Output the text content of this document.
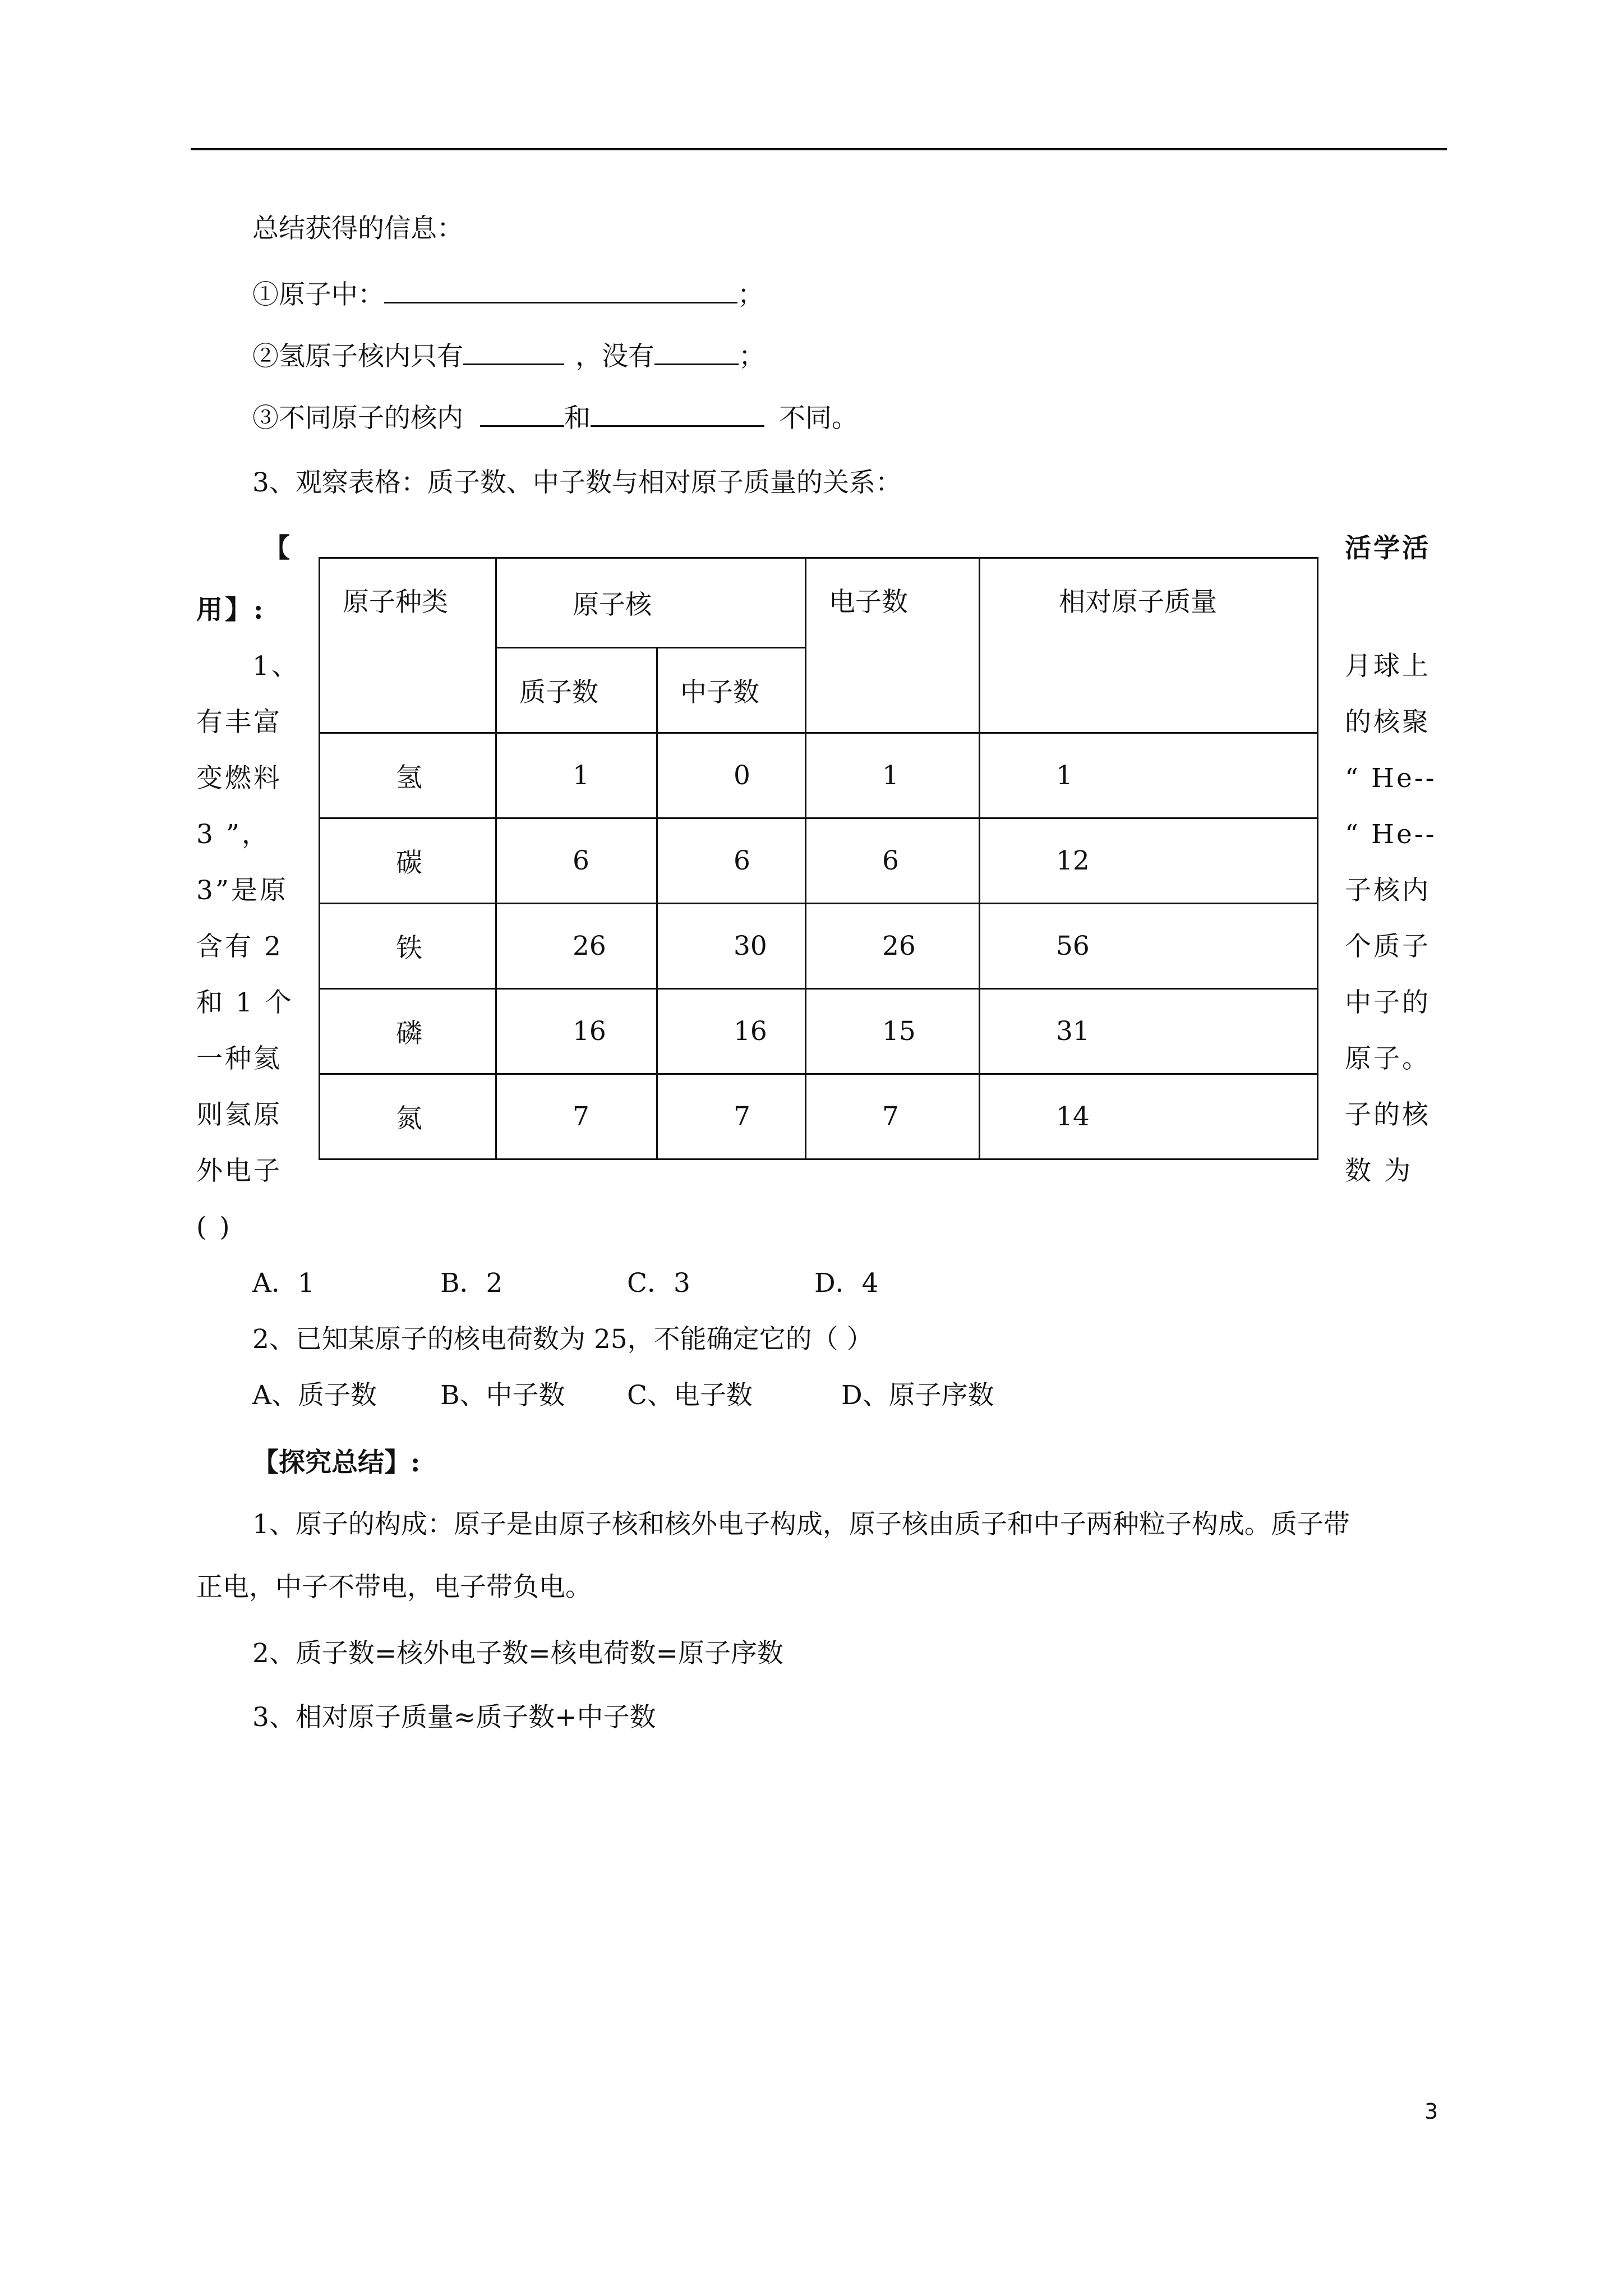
总结获得的信息：
①原子中：	；
②氢原子核内只有	，没有	；
③不同原子的核内	和	不同。
3、观察表格：质子数、中子数与相对原子质量的关系：
【
用】:
1、
有丰富
变燃料
3 ”，
3”是原
含有 2
和 1 个
一种氦
则氦原
外电子
( )
活学活
月球上
的核聚
“ He--
“ He--
子核内
个质子
中子的
原子。
子的核
数 为
原子种类	原子核		电子数	相对原子质量
	质子数	中子数		
氢	1	0	1	1
碳	6	6	6	12
铁	26	30	26	56
磷	16	16	15	31
氮	7	7	7	14
A．1	B．2	C．3	D．4
2、已知某原子的核电荷数为 25，不能确定它的（ ）
A、质子数 B、中子数 C、电子数	D、原子序数
【探究总结】:
1、原子的构成：原子是由原子核和核外电子构成，原子核由质子和中子两种粒子构成。质子带
正电，中子不带电，电子带负电。
2、质子数=核外电子数=核电荷数=原子序数
3、相对原子质量≈质子数+中子数
3
